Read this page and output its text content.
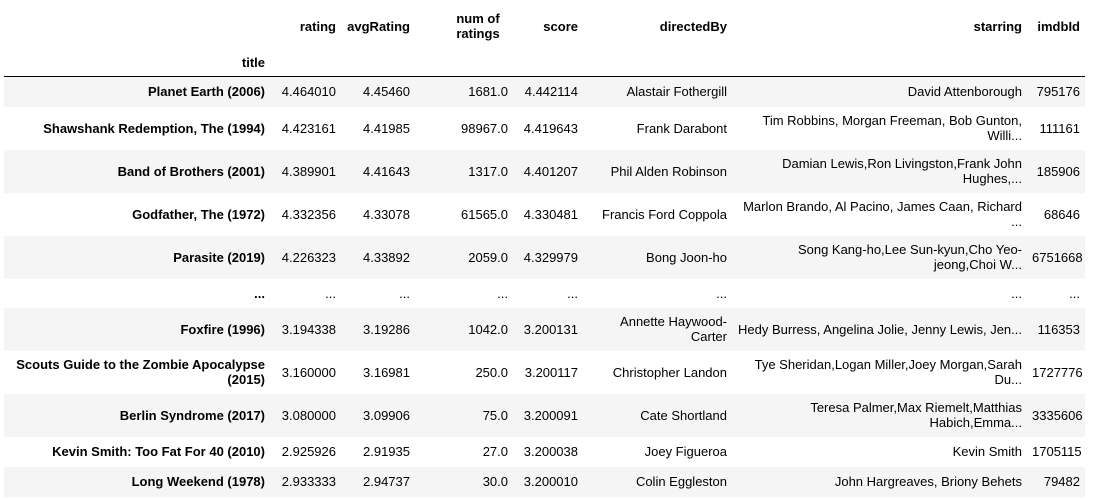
	rating	avgRating	num of ratings	score	directedBy	starring	imdbId
title							
Planet Earth (2006)	4.464010	4.45460	1681.0	4.442114	Alastair Fothergill	David Attenborough	795176
Shawshank Redemption, The (1994)	4.423161	4.41985	98967.0	4.419643	Frank Darabont	Tim Robbins, Morgan Freeman, Bob Gunton, Willi...	111161
Band of Brothers (2001)	4.389901	4.41643	1317.0	4.401207	Phil Alden Robinson	Damian Lewis,Ron Livingston,Frank John Hughes,...	185906
Godfather, The (1972)	4.332356	4.33078	61565.0	4.330481	Francis Ford Coppola	Marlon Brando, Al Pacino, James Caan, Richard ...	68646
Parasite (2019)	4.226323	4.33892	2059.0	4.329979	Bong Joon-ho	Song Kang-ho,Lee Sun-kyun,Cho Yeo-jeong,Choi W...	6751668
...	...	...	...	...	...	...	...
Foxfire (1996)	3.194338	3.19286	1042.0	3.200131	Annette Haywood-Carter	Hedy Burress, Angelina Jolie, Jenny Lewis, Jen...	116353
Scouts Guide to the Zombie Apocalypse (2015)	3.160000	3.16981	250.0	3.200117	Christopher Landon	Tye Sheridan,Logan Miller,Joey Morgan,Sarah Du...	1727776
Berlin Syndrome (2017)	3.080000	3.09906	75.0	3.200091	Cate Shortland	Teresa Palmer,Max Riemelt,Matthias Habich,Emma...	3335606
Kevin Smith: Too Fat For 40 (2010)	2.925926	2.91935	27.0	3.200038	Joey Figueroa	Kevin Smith	1705115
Long Weekend (1978)	2.933333	2.94737	30.0	3.200010	Colin Eggleston	John Hargreaves, Briony Behets	79482
